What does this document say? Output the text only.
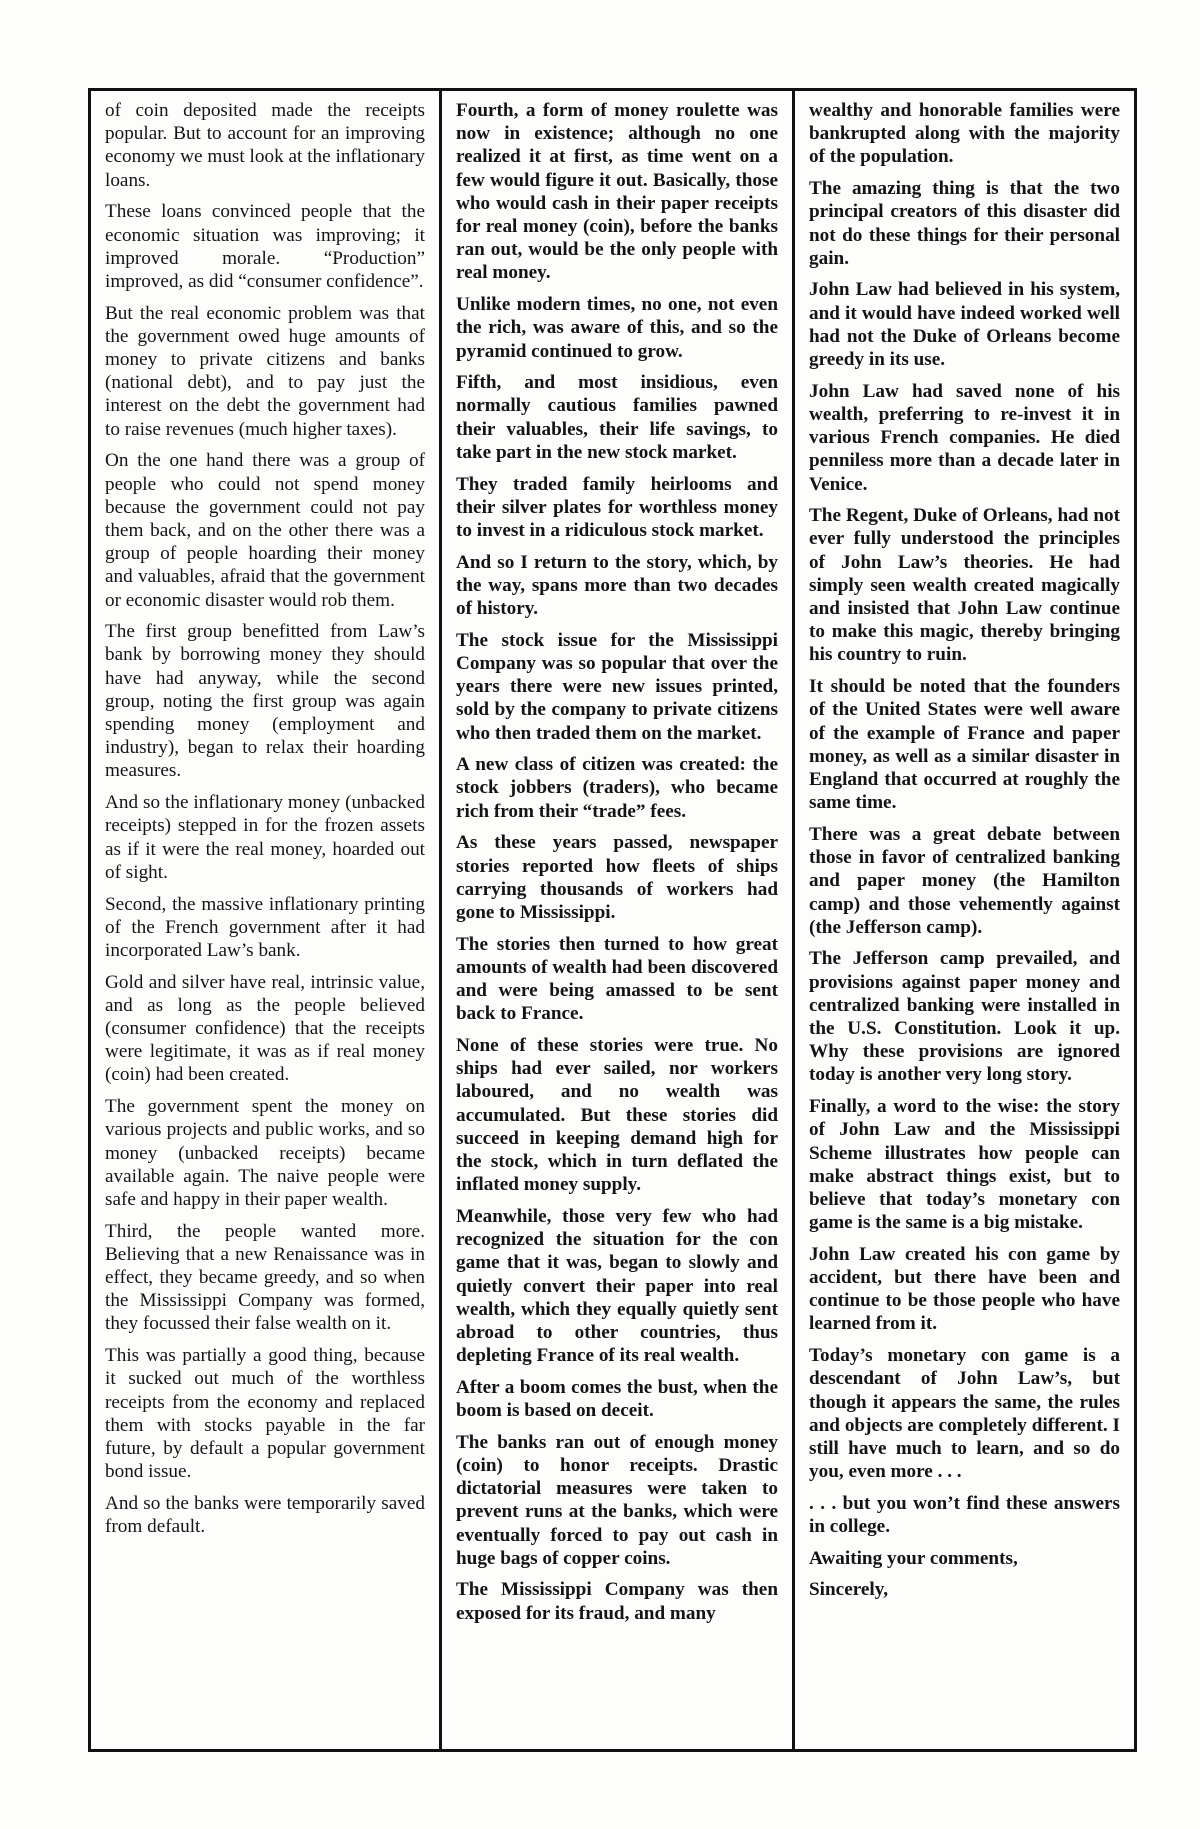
of coin deposited made the receipts popular. But to account for an improving economy we must look at the inflationary loans.

These loans convinced people that the economic situation was improving; it improved morale. “Production” improved, as did “consumer confidence”.

But the real economic problem was that the government owed huge amounts of money to private citizens and banks (national debt), and to pay just the interest on the debt the government had to raise revenues (much higher taxes).

On the one hand there was a group of people who could not spend money because the government could not pay them back, and on the other there was a group of people hoarding their money and valuables, afraid that the government or economic disaster would rob them.

The first group benefitted from Law’s bank by borrowing money they should have had anyway, while the second group, noting the first group was again spending money (employment and industry), began to relax their hoarding measures.

And so the inflationary money (unbacked receipts) stepped in for the frozen assets as if it were the real money, hoarded out of sight.

Second, the massive inflationary printing of the French government after it had incorporated Law’s bank.

Gold and silver have real, intrinsic value, and as long as the people believed (consumer confidence) that the receipts were legitimate, it was as if real money (coin) had been created.

The government spent the money on various projects and public works, and so money (unbacked receipts) became available again. The naive people were safe and happy in their paper wealth.

Third, the people wanted more. Believing that a new Renaissance was in effect, they became greedy, and so when the Mississippi Company was formed, they focussed their false wealth on it.

This was partially a good thing, because it sucked out much of the worthless receipts from the economy and replaced them with stocks payable in the far future, by default a popular government bond issue.

And so the banks were temporarily saved from default.

Fourth, a form of money roulette was now in existence; although no one realized it at first, as time went on a few would figure it out. Basically, those who would cash in their paper receipts for real money (coin), before the banks ran out, would be the only people with real money.

Unlike modern times, no one, not even the rich, was aware of this, and so the pyramid continued to grow.

Fifth, and most insidious, even normally cautious families pawned their valuables, their life savings, to take part in the new stock market.

They traded family heirlooms and their silver plates for worthless money to invest in a ridiculous stock market.

And so I return to the story, which, by the way, spans more than two decades of history.

The stock issue for the Mississippi Company was so popular that over the years there were new issues printed, sold by the company to private citizens who then traded them on the market.

A new class of citizen was created: the stock jobbers (traders), who became rich from their “trade” fees.

As these years passed, newspaper stories reported how fleets of ships carrying thousands of workers had gone to Mississippi.

The stories then turned to how great amounts of wealth had been discovered and were being amassed to be sent back to France.

None of these stories were true. No ships had ever sailed, nor workers laboured, and no wealth was accumulated. But these stories did succeed in keeping demand high for the stock, which in turn deflated the inflated money supply.

Meanwhile, those very few who had recognized the situation for the con game that it was, began to slowly and quietly convert their paper into real wealth, which they equally quietly sent abroad to other countries, thus depleting France of its real wealth.

After a boom comes the bust, when the boom is based on deceit.

The banks ran out of enough money (coin) to honor receipts. Drastic dictatorial measures were taken to prevent runs at the banks, which were eventually forced to pay out cash in huge bags of copper coins.

The Mississippi Company was then exposed for its fraud, and many

wealthy and honorable families were bankrupted along with the majority of the population.

The amazing thing is that the two principal creators of this disaster did not do these things for their personal gain.

John Law had believed in his system, and it would have indeed worked well had not the Duke of Orleans become greedy in its use.

John Law had saved none of his wealth, preferring to re-invest it in various French companies. He died penniless more than a decade later in Venice.

The Regent, Duke of Orleans, had not ever fully understood the principles of John Law’s theories. He had simply seen wealth created magically and insisted that John Law continue to make this magic, thereby bringing his country to ruin.

It should be noted that the founders of the United States were well aware of the example of France and paper money, as well as a similar disaster in England that occurred at roughly the same time.

There was a great debate between those in favor of centralized banking and paper money (the Hamilton camp) and those vehemently against (the Jefferson camp).

The Jefferson camp prevailed, and provisions against paper money and centralized banking were installed in the U.S. Constitution. Look it up. Why these provisions are ignored today is another very long story.

Finally, a word to the wise: the story of John Law and the Mississippi Scheme illustrates how people can make abstract things exist, but to believe that today’s monetary con game is the same is a big mistake.

John Law created his con game by accident, but there have been and continue to be those people who have learned from it.

Today’s monetary con game is a descendant of John Law’s, but though it appears the same, the rules and objects are completely different. I still have much to learn, and so do you, even more . . .

. . . but you won’t find these answers in college.

Awaiting your comments,

Sincerely,
